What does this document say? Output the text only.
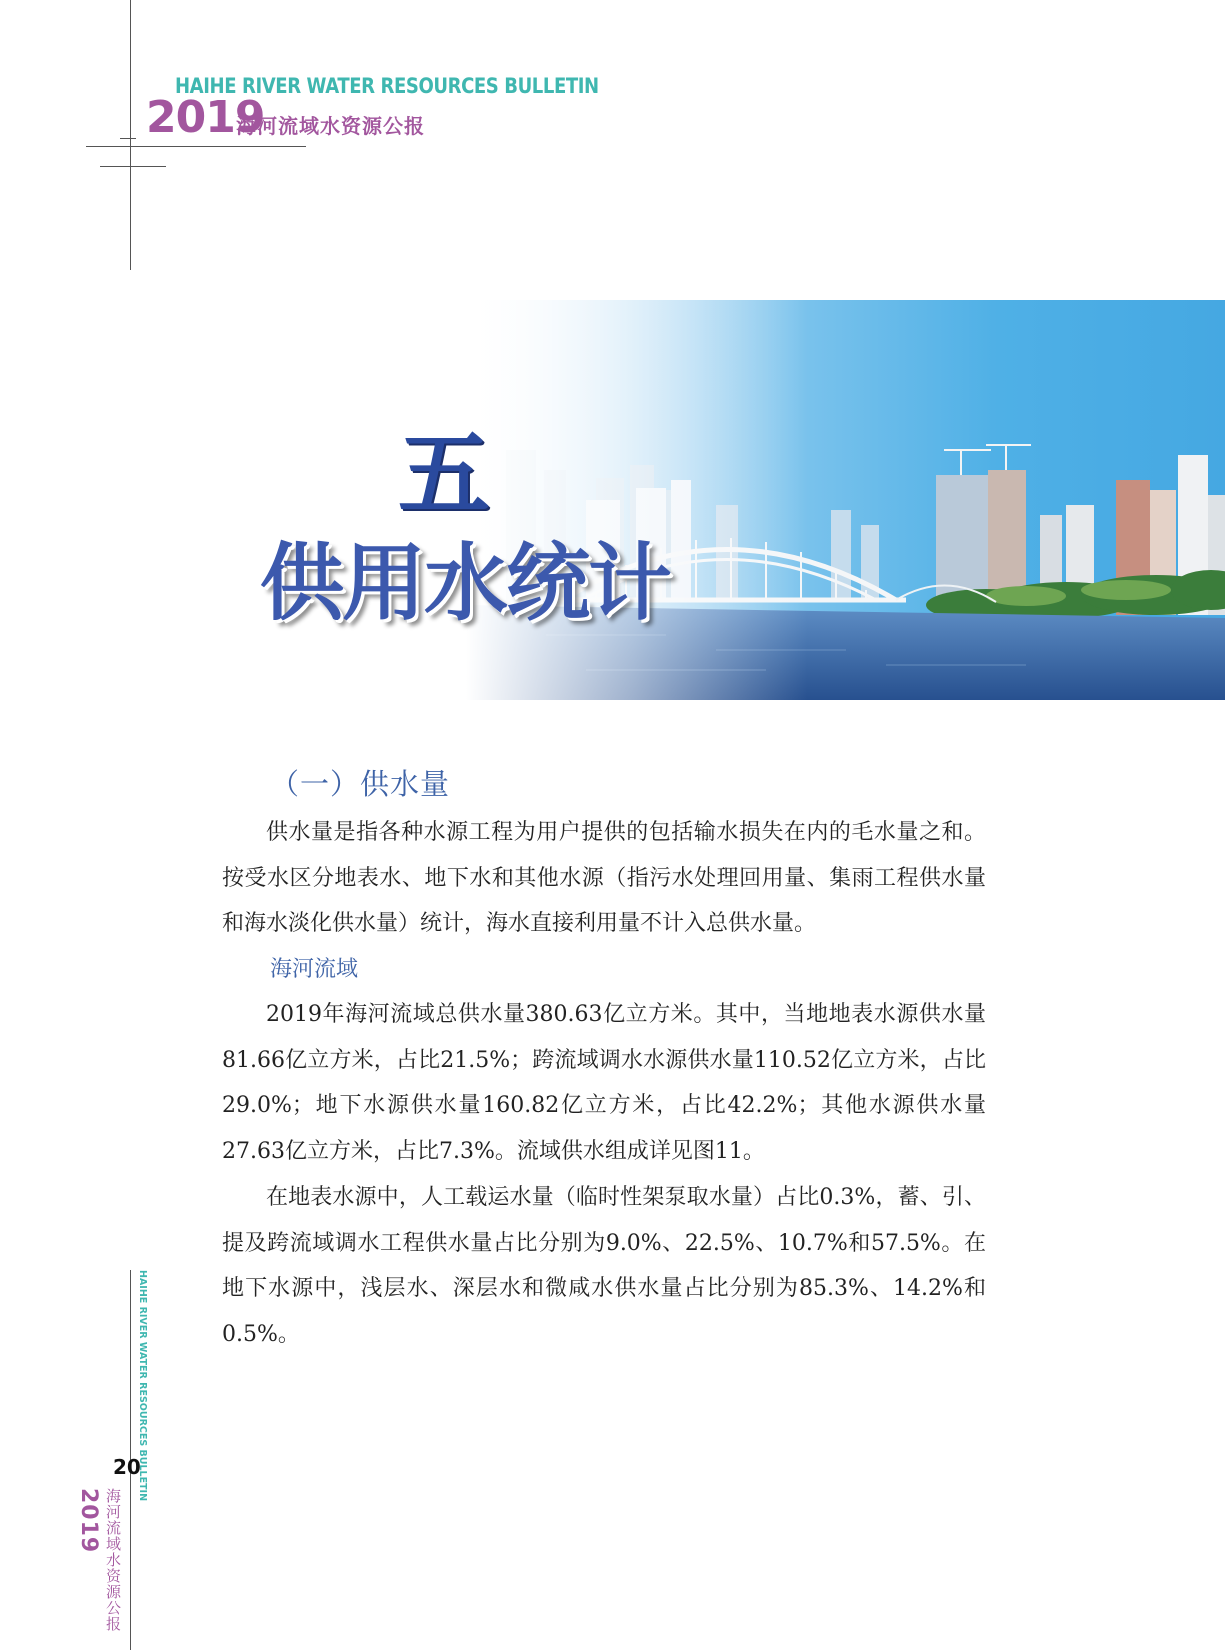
HAIHE RIVER WATER RESOURCES BULLETIN
2019
海河流域水资源公报
五
供用水统计
（一）供水量

供水量是指各种水源工程为用户提供的包括输水损失在内的毛水量之和。按受水区分地表水、地下水和其他水源（指污水处理回用量、集雨工程供水量和海水淡化供水量）统计，海水直接利用量不计入总供水量。

海河流域

2019年海河流域总供水量380.63亿立方米。其中，当地地表水源供水量81.66亿立方米，占比21.5%；跨流域调水水源供水量110.52亿立方米，占比29.0%；地下水源供水量160.82亿立方米，占比42.2%；其他水源供水量27.63亿立方米，占比7.3%。流域供水组成详见图11。

在地表水源中，人工载运水量（临时性架泵取水量）占比0.3%，蓄、引、提及跨流域调水工程供水量占比分别为9.0%、22.5%、10.7%和57.5%。在地下水源中，浅层水、深层水和微咸水供水量占比分别为85.3%、14.2%和0.5%。

HAIHE RIVER WATER RESOURCES BULLETIN
20
2019 海河流域水资源公报
